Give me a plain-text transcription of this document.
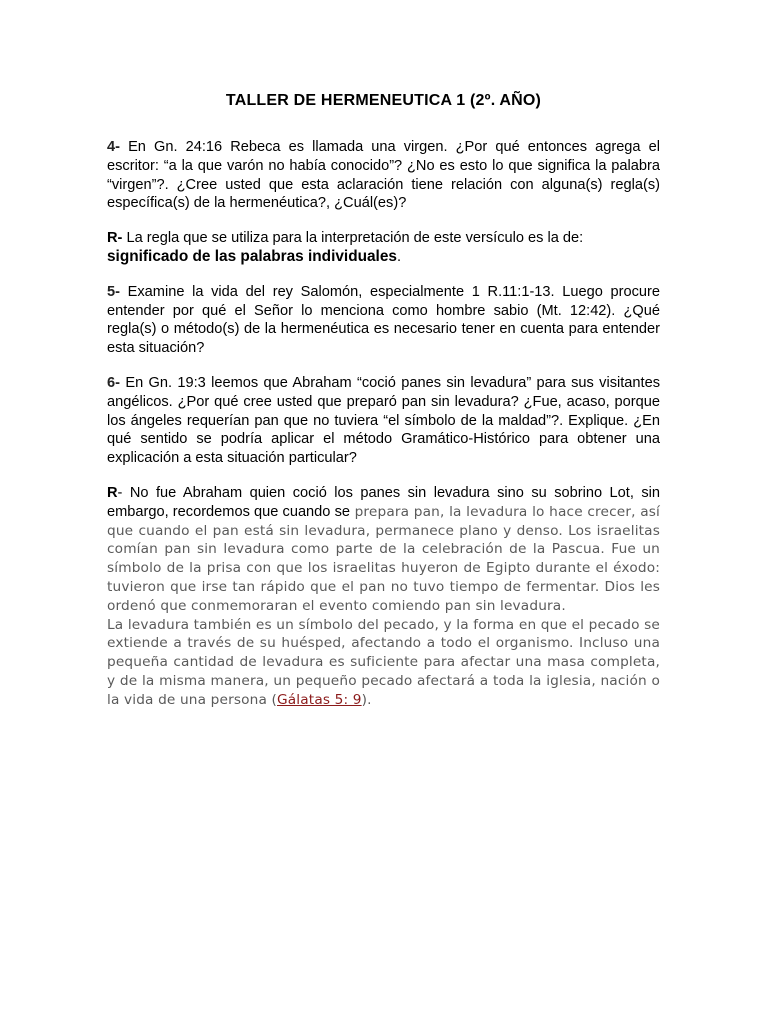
TALLER DE HERMENEUTICA 1 (2º. AÑO)

4- En Gn. 24:16 Rebeca es llamada una virgen. ¿Por qué entonces agrega el escritor: “a la que varón no había conocido”? ¿No es esto lo que significa la palabra “virgen”?. ¿Cree usted que esta aclaración tiene relación con alguna(s) regla(s) específica(s) de la hermenéutica?, ¿Cuál(es)?

R- La regla que se utiliza para la interpretación de este versículo es la de:
significado de las palabras individuales.

5- Examine la vida del rey Salomón, especialmente 1 R.11:1-13. Luego procure entender por qué el Señor lo menciona como hombre sabio (Mt. 12:42). ¿Qué regla(s) o método(s) de la hermenéutica es necesario tener en cuenta para entender esta situación?

6- En Gn. 19:3 leemos que Abraham “coció panes sin levadura” para sus visitantes angélicos. ¿Por qué cree usted que preparó pan sin levadura? ¿Fue, acaso, porque los ángeles requerían pan que no tuviera “el símbolo de la maldad”?. Explique. ¿En qué sentido se podría aplicar el método Gramático-Histórico para obtener una explicación a esta situación particular?

R- No fue Abraham quien coció los panes sin levadura sino su sobrino Lot, sin embargo, recordemos que cuando se prepara pan, la levadura lo hace crecer, así que cuando el pan está sin levadura, permanece plano y denso. Los israelitas comían pan sin levadura como parte de la celebración de la Pascua. Fue un símbolo de la prisa con que los israelitas huyeron de Egipto durante el éxodo: tuvieron que irse tan rápido que el pan no tuvo tiempo de fermentar. Dios les ordenó que conmemoraran el evento comiendo pan sin levadura.

La levadura también es un símbolo del pecado, y la forma en que el pecado se extiende a través de su huésped, afectando a todo el organismo. Incluso una pequeña cantidad de levadura es suficiente para afectar una masa completa, y de la misma manera, un pequeño pecado afectará a toda la iglesia, nación o la vida de una persona (Gálatas 5: 9).
